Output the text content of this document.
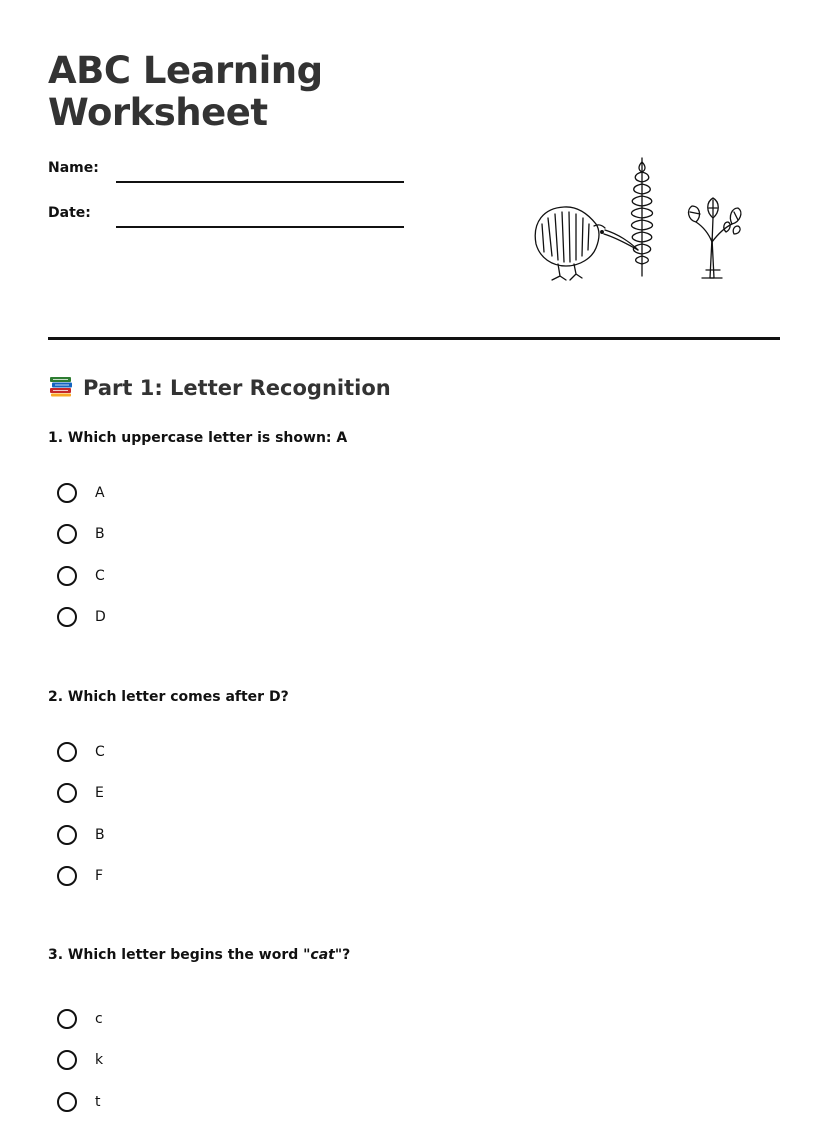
ABC Learning Worksheet
Name:
Date:
Part 1: Letter Recognition

1. Which uppercase letter is shown: A

A
B
C
D

2. Which letter comes after D?

C
E
B
F

3. Which letter begins the word "cat"?

c
k
t
